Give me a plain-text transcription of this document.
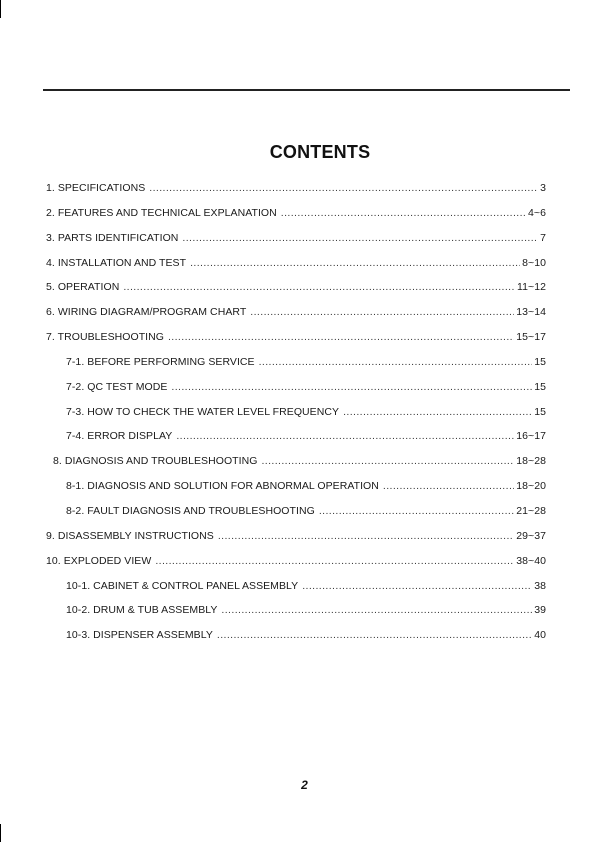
CONTENTS
1. SPECIFICATIONS .....	3
2. FEATURES AND TECHNICAL EXPLANATION .....	4~6
3. PARTS IDENTIFICATION .....	7
4. INSTALLATION AND TEST .....	8~10
5. OPERATION .....	11~12
6. WIRING DIAGRAM/PROGRAM CHART .....	13~14
7. TROUBLESHOOTING .....	15~17
7-1. BEFORE PERFORMING SERVICE .....	15
7-2. QC TEST MODE .....	15
7-3. HOW TO CHECK THE WATER LEVEL FREQUENCY .....	15
7-4. ERROR DISPLAY .....	16~17
8. DIAGNOSIS AND TROUBLESHOOTING .....	18~28
8-1. DIAGNOSIS AND SOLUTION FOR ABNORMAL OPERATION .....	18~20
8-2. FAULT DIAGNOSIS AND TROUBLESHOOTING .....	21~28
9. DISASSEMBLY INSTRUCTIONS .....	29~37
10. EXPLODED VIEW .....	38~40
10-1. CABINET & CONTROL PANEL ASSEMBLY .....	38
10-2. DRUM & TUB ASSEMBLY .....	39
10-3. DISPENSER ASSEMBLY .....	40
2
